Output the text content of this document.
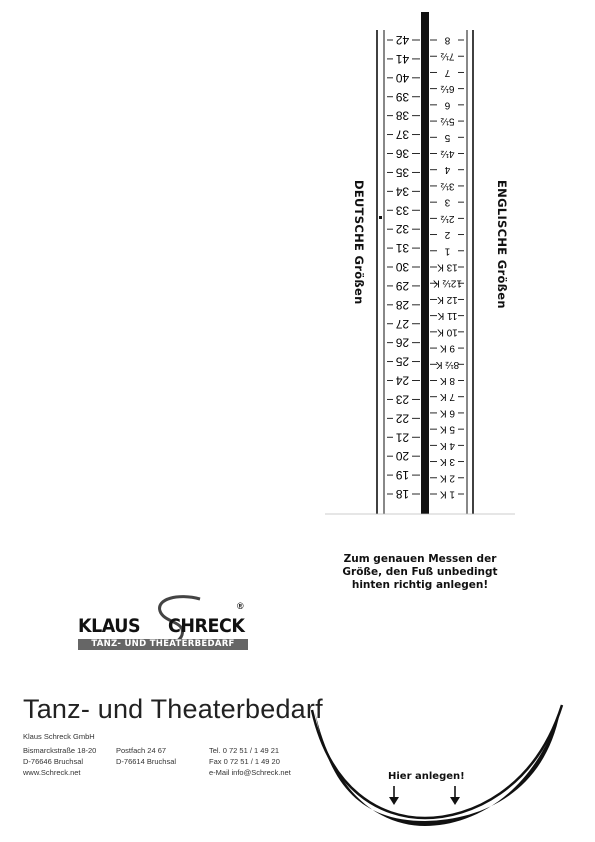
18
19
20
21
22
23
24
25
26
27
28
29
30
31
32
33
34
35
36
37
38
39
40
41
42
1 K
2 K
3 K
4 K
5 K
6 K
7 K
8 K
8½ K
9 K
10 K
11 K
12 K
12½ K
13 K
1
2
2½
3
3½
4
4½
5
5½
6
6½
7
7½
8
DEUTSCHE Größen	ENGLISCHE Größen
Zum genauen Messen der
Größe, den Fuß unbedingt
hinten richtig anlegen!
KLAUS CHRECK
®
TANZ- UND THEATERBEDARF
Tanz- und Theaterbedarf
Klaus Schreck GmbH
Bismarckstraße 18-20
D-76646 Bruchsal
www.Schreck.net
Postfach 24 67
D-76614 Bruchsal
Tel. 0 72 51 / 1 49 21
Fax 0 72 51 / 1 49 20
e-Mail info@Schreck.net	Hier anlegen!
